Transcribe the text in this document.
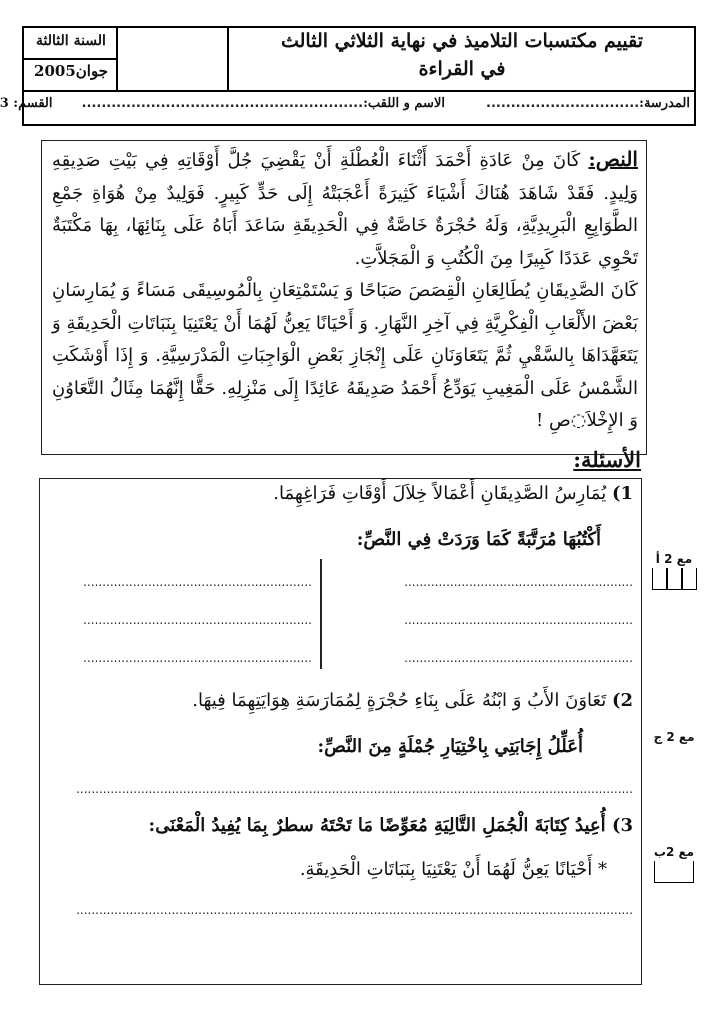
تقييم مكتسبات التلاميذ في نهاية الثلاثي الثالث
في القراءة
السنة الثالثة
جوان2005
المدرسة:...............................  الاسم و اللقب:.........................................................  القسم: 3
النص: كَانَ مِنْ عَادَةِ أَحْمَدَ أَثْنَاءَ الْعُطْلَةِ أَنْ يَقْضِيَ جُلَّ أَوْقَاتِهِ فِي بَيْتِ صَدِيقِهِ وَلِيدٍ. فَقَدْ شَاهَدَ هُنَاكَ أَشْيَاءَ كَثِيرَةً أَعْجَبَتْهُ إِلَى حَدٍّ كَبِيرٍ. فَوَلِيدٌ مِنْ هُوَاةِ جَمْعِ الطَّوَابِعِ الْبَرِيدِيَّةِ، وَلَهُ حُجْرَةٌ خَاصَّةٌ فِي الْحَدِيقَةِ سَاعَدَ أَبَاهُ عَلَى بِنَائِهَا، بِهَا مَكْتَبَةٌ تَحْوِي عَدَدًا كَبِيرًا مِنَ الْكُتُبِ وَ الْمَجَلاَّتِ.
كَانَ الصَّدِيقَانِ يُطَالِعَانِ الْقِصَصَ صَبَاحًا وَ يَسْتَمْتِعَانِ بِالْمُوسِيقَى مَسَاءً وَ يُمَارِسَانِ بَعْضَ الأَلْعَابِ الْفِكْرِيَّةِ فِي آخِرِ النَّهَارِ. وَ أَحْيَانًا يَعِنُّ لَهُمَا أَنْ يَعْتَنِيَا بِنَبَاتَاتِ الْحَدِيقَةِ وَ يَتَعَهَّدَاهَا بِالسَّقْيِ ثُمَّ يَتَعَاوَنَانِ عَلَى إِنْجَازِ بَعْضِ الْوَاجِبَاتِ الْمَدْرَسِيَّةِ. وَ إِذَا أَوْشَكَتِ الشَّمْسُ عَلَى الْمَغِيبِ يَوَدِّعُ أَحْمَدُ صَدِيقَهُ عَائِدًا إِلَى مَنْزِلِهِ. حَقًّا إِنَّهُمَا مِثَالُ التَّعَاوُنِ وَ الإِخْلاَ◌صِ !
الأسئلة:
1) يُمَارِسُ الصَّدِيقَانِ أَعْمَالاً خِلاَلَ أَوْقَاتِ فَرَاغِهِمَا.
أَكْتُبُهَا مُرَتَّبَةً كَمَا وَرَدَتْ فِي النَّصِّ:
............................................................
............................................................
............................................................
............................................................
............................................................
............................................................
2) تَعَاوَنَ الأَبُ وَ ابْنُهُ عَلَى بِنَاءِ حُجْرَةٍ لِمُمَارَسَةِ هِوَايَتِهِمَا فِيهَا.
أُعَلِّلُ إِجَابَتِي بِاخْتِيَارِ جُمْلَةٍ مِنَ النَّصِّ:
..................................................................................................................................................
3) أُعِيدُ كِتَابَةَ الْجُمَلِ التَّالِيَةِ مُعَوِّضًا مَا تَحْتَهُ سطرٌ بِمَا يُفِيدُ الْمَعْنَى:
* أَحْيَانًا يَعِنُّ لَهُمَا أَنْ يَعْتَنِيَا بِنَبَاتَاتِ الْحَدِيقَةِ.
..................................................................................................................................................
مع 2 أ
مع 2 ج
مع 2ب
